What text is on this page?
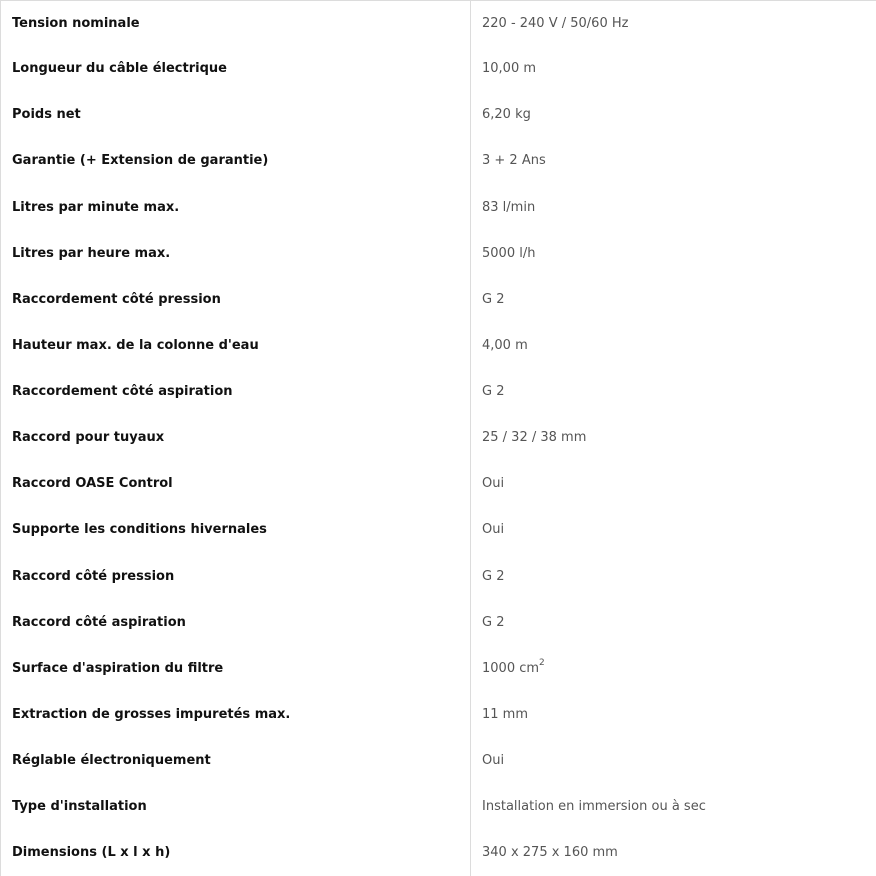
Tension nominale	220 - 240 V / 50/60 Hz
Longueur du câble électrique	10,00 m
Poids net	6,20 kg
Garantie (+ Extension de garantie)	3 + 2 Ans
Litres par minute max.	83 l/min
Litres par heure max.	5000 l/h
Raccordement côté pression	G 2
Hauteur max. de la colonne d'eau	4,00 m
Raccordement côté aspiration	G 2
Raccord pour tuyaux	25 / 32 / 38 mm
Raccord OASE Control	Oui
Supporte les conditions hivernales	Oui
Raccord côté pression	G 2
Raccord côté aspiration	G 2
Surface d'aspiration du filtre	1000 $cm^2$
Extraction de grosses impuretés max.	11 mm
Réglable électroniquement	Oui
Type d'installation	Installation en immersion ou à sec
Dimensions (L x l x h)	340 x 275 x 160 mm
